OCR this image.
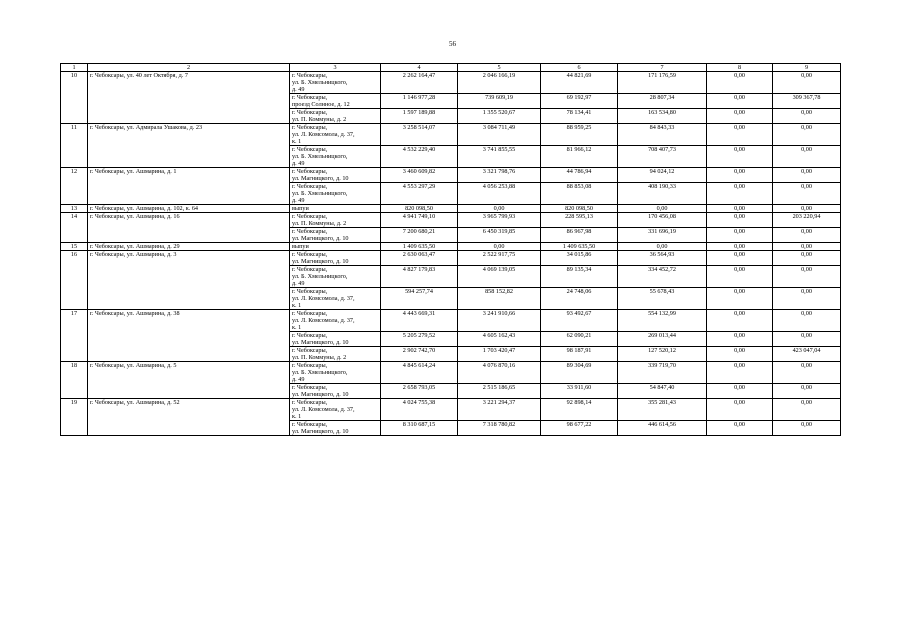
56
1	2	3	4	5	6	7	8	9
10	г. Чебоксары, ул. 40 лет Октября, д. 7	г. Чебоксары,
ул. Б. Хмельницкого,
д. 49	2 262 164,47	2 046 166,19	44 821,69	171 176,59	0,00	0,00
		г. Чебоксары,
проезд Солнное, д. 12	1 146 977,28	739 609,19	69 192,97	28 807,34	0,00	309 367,78
		г. Чебоксары,
ул. П. Коммуны, д. 2	1 597 189,88	1 355 520,67	78 134,41	163 534,80	0,00	0,00
11	г. Чебоксары, ул. Адмирала Ушакова, д. 23	г. Чебоксары,
ул. Л. Комсомола, д. 37,
к. 1	3 258 514,07	3 084 711,49	88 959,25	84 843,33	0,00	0,00
		г. Чебоксары,
ул. Б. Хмельницкого,
д. 49	4 532 229,40	3 741 855,55	81 966,12	708 407,73	0,00	0,00
12	г. Чебоксары, ул. Ашмарина, д. 1	г. Чебоксары,
ул. Магницкого, д. 10	3 460 609,82	3 321 798,76	44 786,94	94 024,12	0,00	0,00
		г. Чебоксары,
ул. Б. Хмельницкого,
д. 49	4 553 297,29	4 056 253,88	88 853,08	408 190,33	0,00	0,00
13	г. Чебоксары, ул. Ашмарина, д. 102, к. 64	выпуи	820 098,50	0,00	820 098,50	0,00	0,00	0,00
14	г. Чебоксары, ул. Ашмарина, д. 16	г. Чебоксары,
ул. П. Коммуны, д. 2	4 941 749,10	3 965 799,93	228 595,13	170 456,08	0,00	203 220,94
		г. Чебоксары,
ул. Магницкого, д. 10	7 200 680,21	6 450 319,85	86 967,98	331 696,19	0,00	0,00
15	г. Чебоксары, ул. Ашмарина, д. 29	выпуи	1 409 635,50	0,00	1 409 635,50	0,00	0,00	0,00
16	г. Чебоксары, ул. Ашмарина, д. 3	г. Чебоксары,
ул. Магницкого, д. 10	2 630 063,47	2 522 917,75	34 015,86	36 564,93	0,00	0,00
		г. Чебоксары,
ул. Б. Хмельницкого,
д. 49	4 827 179,83	4 069 139,05	89 135,34	334 452,72	0,00	0,00
		г. Чебоксары,
ул. Л. Комсомола, д. 37,
к. 1	594 257,74	858 152,82	24 748,06	55 678,43	0,00	0,00
17	г. Чебоксары, ул. Ашмарина, д. 38	г. Чебоксары,
ул. Л. Комсомола, д. 37,
к. 1	4 443 669,31	3 241 910,66	93 492,67	554 132,99	0,00	0,00
		г. Чебоксары,
ул. Магницкого, д. 10	5 205 279,52	4 605 162,43	62 090,21	269 013,44	0,00	0,00
		г. Чебоксары,
ул. П. Коммуны, д. 2	2 902 742,70	1 703 420,47	98 187,91	127 520,12	0,00	423 047,04
18	г. Чебоксары, ул. Ашмарина, д. 5	г. Чебоксары,
ул. Б. Хмельницкого,
д. 49	4 845 614,24	4 076 870,16	89 304,69	339 719,70	0,00	0,00
		г. Чебоксары,
ул. Магницкого, д. 10	2 658 793,05	2 515 186,65	33 911,60	54 847,40	0,00	0,00
19	г. Чебоксары, ул. Ашмарина, д. 52	г. Чебоксары,
ул. Л. Комсомола, д. 37,
к. 1	4 024 755,38	3 221 294,37	92 898,14	355 281,43	0,00	0,00
		г. Чебоксары,
ул. Магницкого, д. 10	8 310 687,15	7 318 780,82	98 677,22	446 614,56	0,00	0,00
